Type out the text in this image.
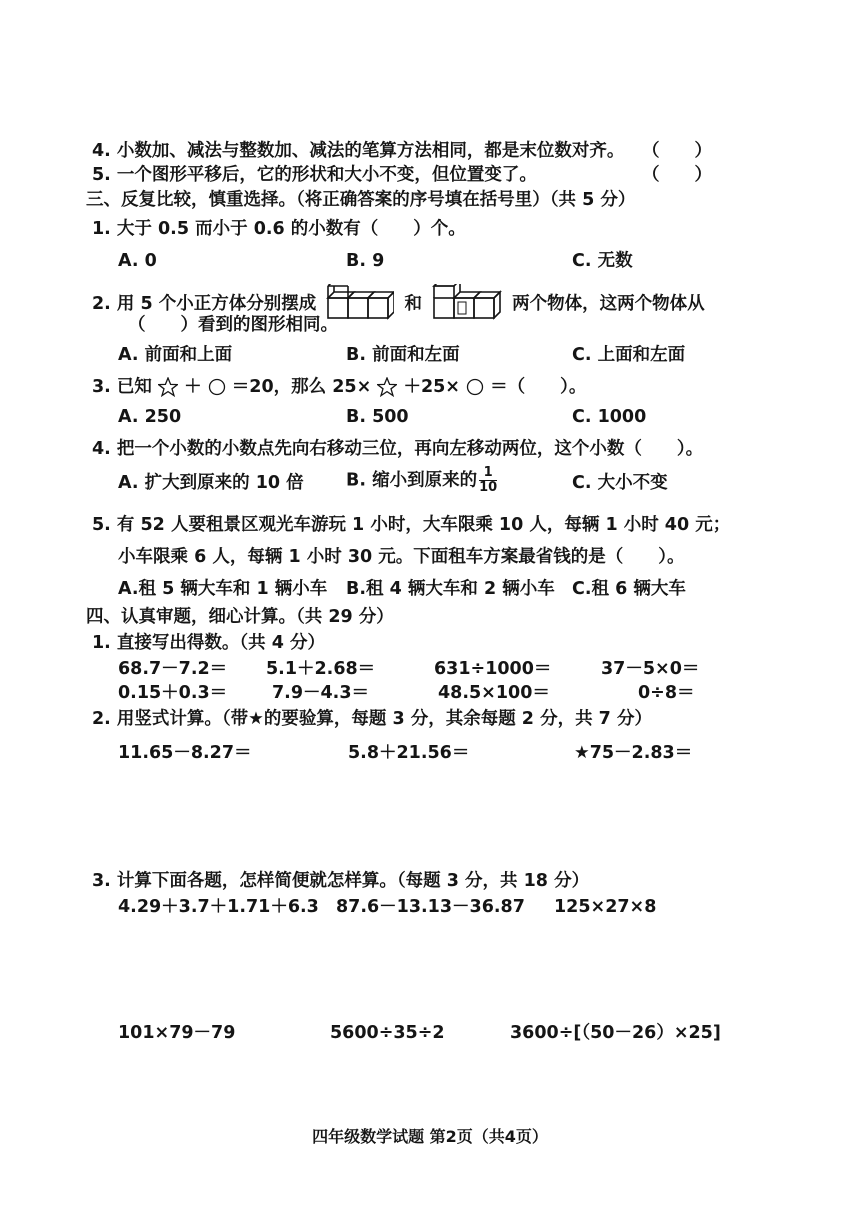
4. 小数加、减法与整数加、减法的笔算方法相同，都是末位数对齐。 （　　）
5. 一个图形平移后，它的形状和大小不变，但位置变了。	（　　）
三、反复比较，慎重选择。（将正确答案的序号填在括号里）（共 5 分）
1. 大于 0.5 而小于 0.6 的小数有（　　）个。
A. 0	B. 9	C. 无数
2. 用 5 个小正方体分别摆成	和	两个物体，这两个物体从
（　　）看到的图形相同。
A. 前面和上面	B. 前面和左面	C. 上面和左面
3. 已知 ＋ ＝20，那么 25× ＋25× ＝（　　）。
A. 250	B. 500	C. 1000
4. 把一个小数的小数点先向右移动三位，再向左移动两位，这个小数（　　）。
A. 扩大到原来的 10 倍 B. 缩小到原来的 $\frac{1}{10}$	C. 大小不变
5. 有 52 人要租景区观光车游玩 1 小时，大车限乘 10 人，每辆 1 小时 40 元；
小车限乘 6 人，每辆 1 小时 30 元。下面租车方案最省钱的是（　　）。
A.租 5 辆大车和 1 辆小车 B.租 4 辆大车和 2 辆小车 C.租 6 辆大车
四、认真审题，细心计算。（共 29 分）
1. 直接写出得数。（共 4 分）
68.7－7.2＝ 5.1＋2.68＝	631÷1000＝	37－5×0＝
0.15＋0.3＝	7.9－4.3＝	48.5×100＝	0÷8＝
2. 用竖式计算。（带★的要验算，每题 3 分，其余每题 2 分，共 7 分）
11.65－8.27＝	5.8＋21.56＝	★75－2.83＝
3. 计算下面各题，怎样简便就怎样算。（每题 3 分，共 18 分）
4.29＋3.7＋1.71＋6.3 87.6－13.13－36.87 125×27×8
101×79－79	5600÷35÷2	3600÷[（50－26）×25]
四年级数学试题 第2页（共4页）
